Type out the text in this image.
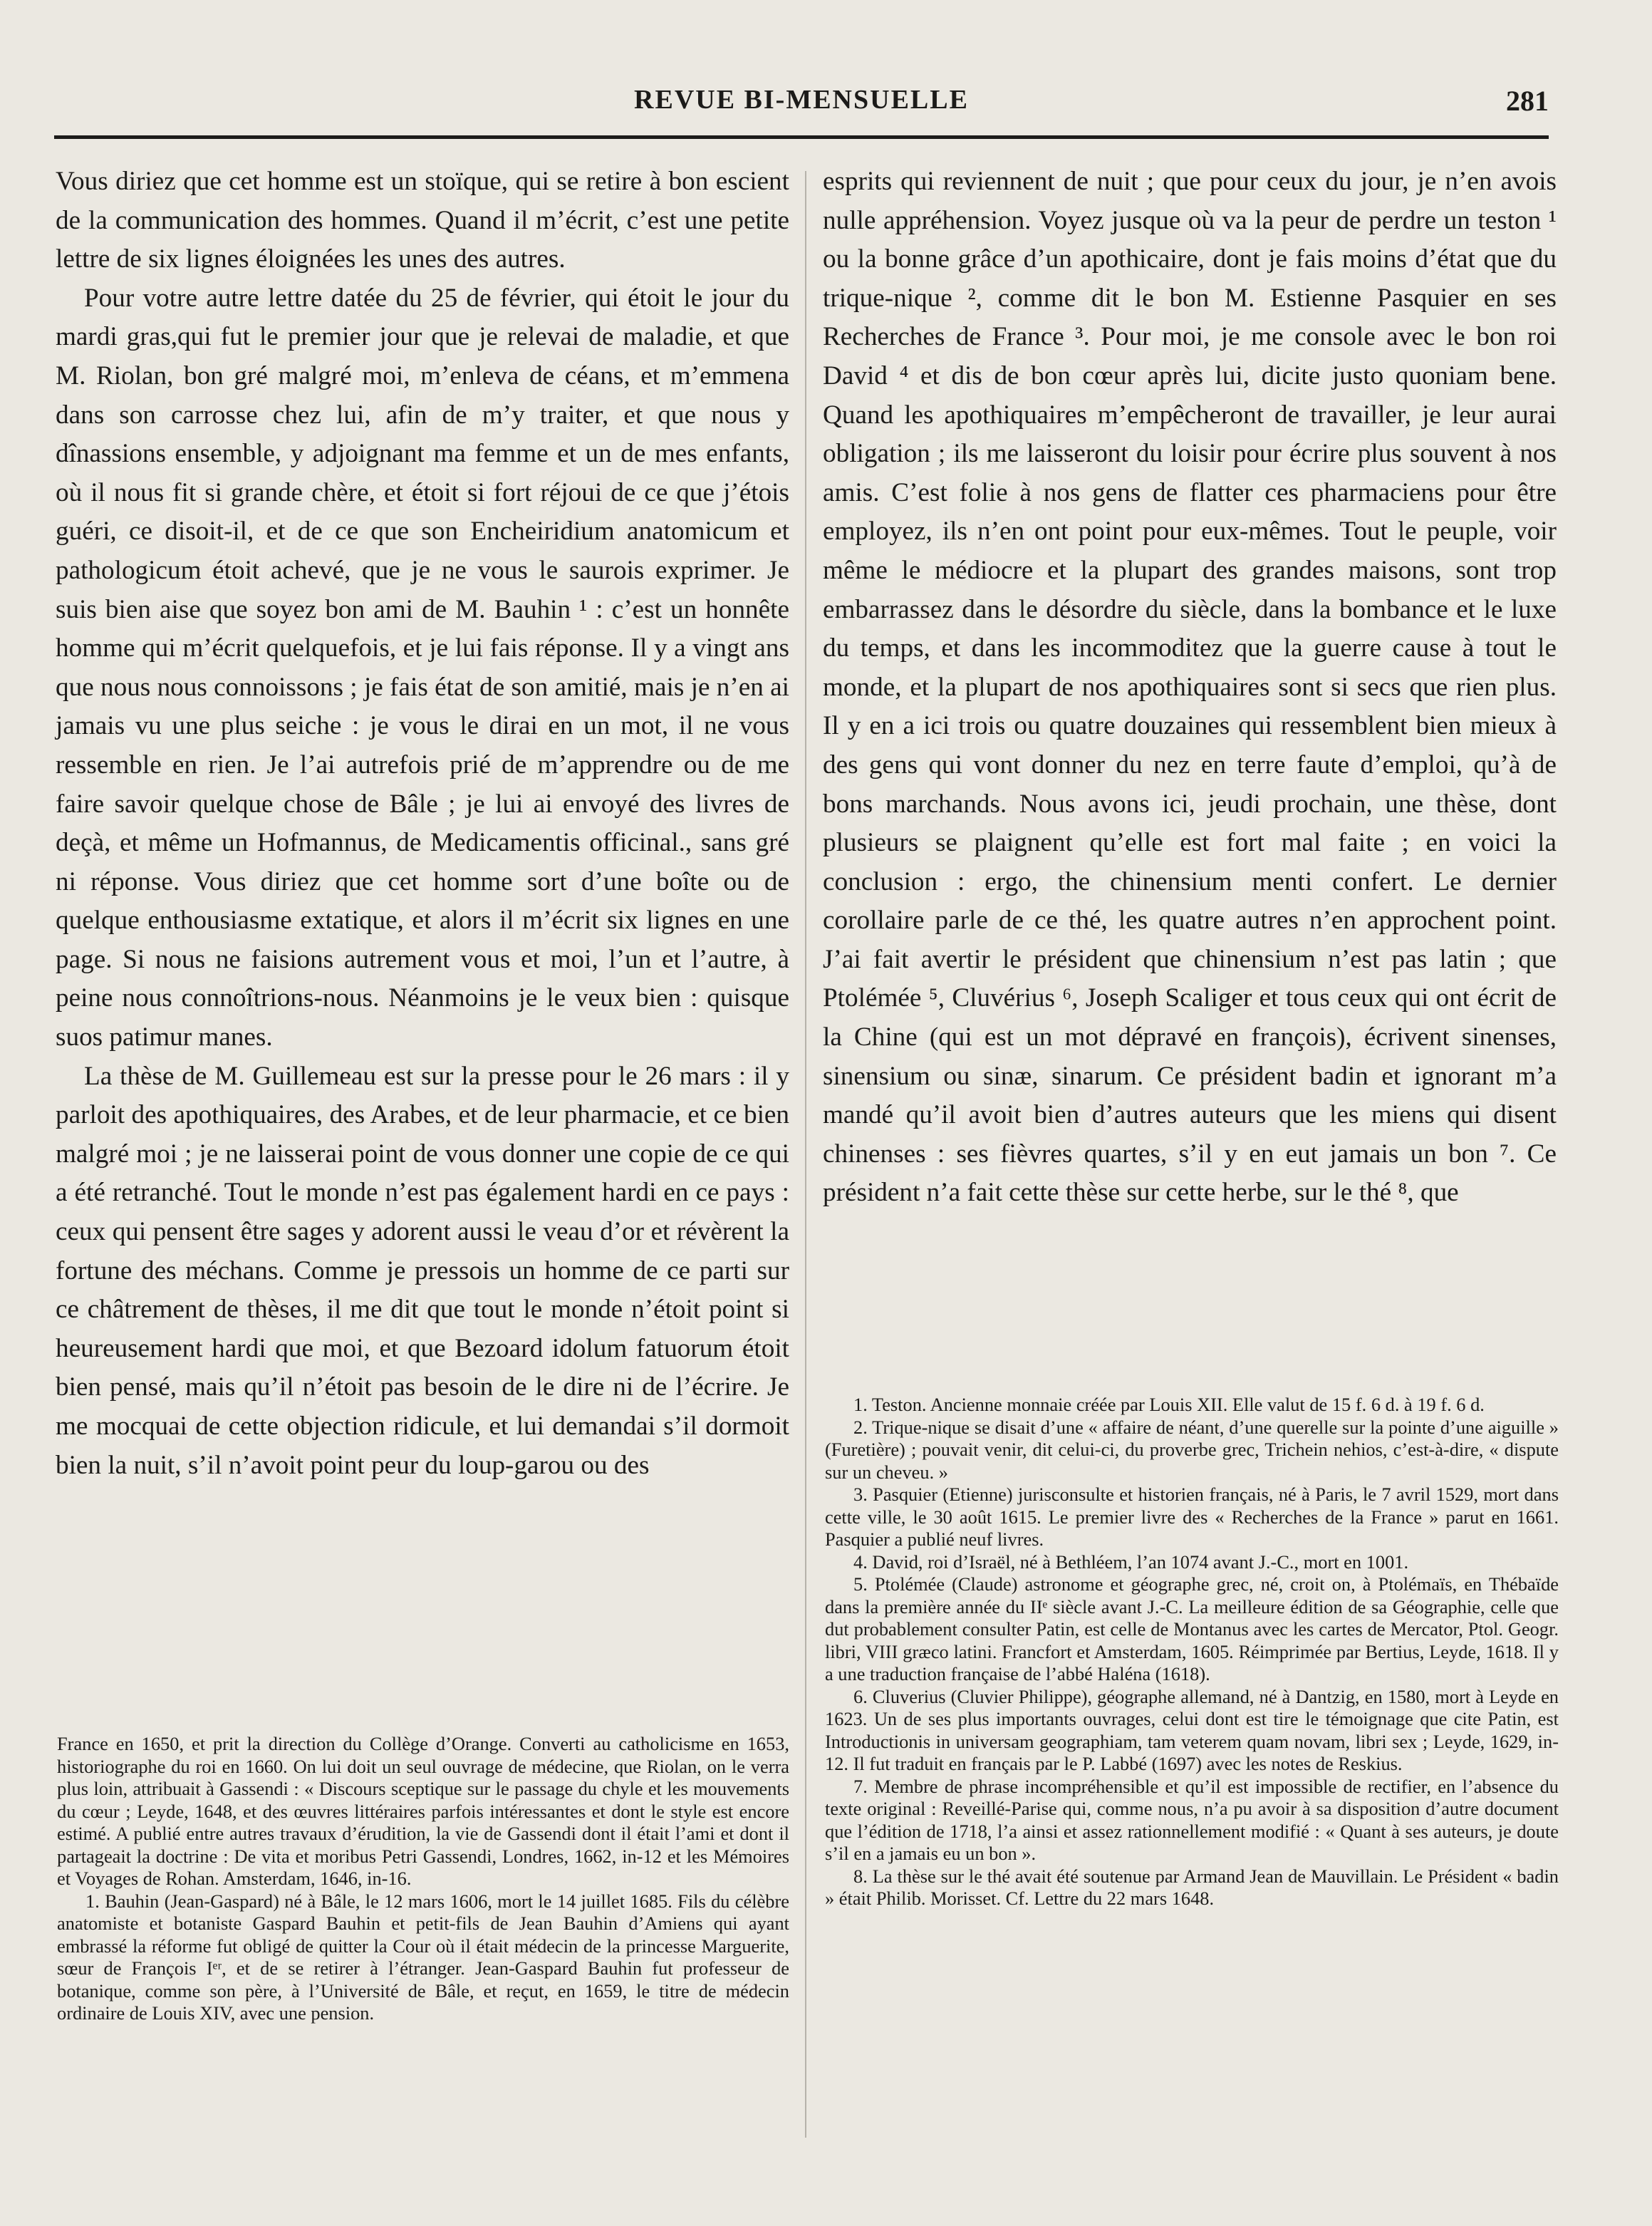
REVUE BI-MENSUELLE	281

Vous diriez que cet homme est un stoïque, qui se retire à bon escient de la communication des hommes. Quand il m’écrit, c’est une petite lettre de six lignes éloignées les unes des autres.

Pour votre autre lettre datée du 25 de février, qui étoit le jour du mardi gras,qui fut le premier jour que je relevai de maladie, et que M. Riolan, bon gré malgré moi, m’enleva de céans, et m’emmena dans son carrosse chez lui, afin de m’y traiter, et que nous y dînassions ensemble, y adjoignant ma femme et un de mes enfants, où il nous fit si grande chère, et étoit si fort réjoui de ce que j’étois guéri, ce disoit-il, et de ce que son Encheiridium anatomicum et pathologicum étoit achevé, que je ne vous le saurois exprimer. Je suis bien aise que soyez bon ami de M. Bauhin ¹ : c’est un honnête homme qui m’écrit quelquefois, et je lui fais réponse. Il y a vingt ans que nous nous connoissons ; je fais état de son amitié, mais je n’en ai jamais vu une plus seiche : je vous le dirai en un mot, il ne vous ressemble en rien. Je l’ai autrefois prié de m’apprendre ou de me faire savoir quelque chose de Bâle ; je lui ai envoyé des livres de deçà, et même un Hofmannus, de Medicamentis officinal., sans gré ni réponse. Vous diriez que cet homme sort d’une boîte ou de quelque enthousiasme extatique, et alors il m’écrit six lignes en une page. Si nous ne faisions autrement vous et moi, l’un et l’autre, à peine nous connoîtrions-nous. Néanmoins je le veux bien : quisque suos patimur manes.

La thèse de M. Guillemeau est sur la presse pour le 26 mars : il y parloit des apothiquaires, des Arabes, et de leur pharmacie, et ce bien malgré moi ; je ne laisserai point de vous donner une copie de ce qui a été retranché. Tout le monde n’est pas également hardi en ce pays : ceux qui pensent être sages y adorent aussi le veau d’or et révèrent la fortune des méchans. Comme je pressois un homme de ce parti sur ce châtrement de thèses, il me dit que tout le monde n’étoit point si heureusement hardi que moi, et que Bezoard idolum fatuorum étoit bien pensé, mais qu’il n’étoit pas besoin de le dire ni de l’écrire. Je me mocquai de cette objection ridicule, et lui demandai s’il dormoit bien la nuit, s’il n’avoit point peur du loup-garou ou des

esprits qui reviennent de nuit ; que pour ceux du jour, je n’en avois nulle appréhension. Voyez jusque où va la peur de perdre un teston ¹ ou la bonne grâce d’un apothicaire, dont je fais moins d’état que du trique-nique ², comme dit le bon M. Estienne Pasquier en ses Recherches de France ³. Pour moi, je me console avec le bon roi David ⁴ et dis de bon cœur après lui, dicite justo quoniam bene. Quand les apothiquaires m’empêcheront de travailler, je leur aurai obligation ; ils me laisseront du loisir pour écrire plus souvent à nos amis. C’est folie à nos gens de flatter ces pharmaciens pour être employez, ils n’en ont point pour eux-mêmes. Tout le peuple, voir même le médiocre et la plupart des grandes maisons, sont trop embarrassez dans le désordre du siècle, dans la bombance et le luxe du temps, et dans les incommoditez que la guerre cause à tout le monde, et la plupart de nos apothiquaires sont si secs que rien plus. Il y en a ici trois ou quatre douzaines qui ressemblent bien mieux à des gens qui vont donner du nez en terre faute d’emploi, qu’à de bons marchands. Nous avons ici, jeudi prochain, une thèse, dont plusieurs se plaignent qu’elle est fort mal faite ; en voici la conclusion : ergo, the chinensium menti confert. Le dernier corollaire parle de ce thé, les quatre autres n’en approchent point. J’ai fait avertir le président que chinensium n’est pas latin ; que Ptolémée ⁵, Cluvérius ⁶, Joseph Scaliger et tous ceux qui ont écrit de la Chine (qui est un mot dépravé en françois), écrivent sinenses, sinensium ou sinæ, sinarum. Ce président badin et ignorant m’a mandé qu’il avoit bien d’autres auteurs que les miens qui disent chinenses : ses fièvres quartes, s’il y en eut jamais un bon ⁷. Ce président n’a fait cette thèse sur cette herbe, sur le thé ⁸, que

France en 1650, et prit la direction du Collège d’Orange. Converti au catholicisme en 1653, historiographe du roi en 1660. On lui doit un seul ouvrage de médecine, que Riolan, on le verra plus loin, attribuait à Gassendi : « Discours sceptique sur le passage du chyle et les mouvements du cœur ; Leyde, 1648, et des œuvres littéraires parfois intéressantes et dont le style est encore estimé. A publié entre autres travaux d’érudition, la vie de Gassendi dont il était l’ami et dont il partageait la doctrine : De vita et moribus Petri Gassendi, Londres, 1662, in-12 et les Mémoires et Voyages de Rohan. Amsterdam, 1646, in-16.

1. Bauhin (Jean-Gaspard) né à Bâle, le 12 mars 1606, mort le 14 juillet 1685. Fils du célèbre anatomiste et botaniste Gaspard Bauhin et petit-fils de Jean Bauhin d’Amiens qui ayant embrassé la réforme fut obligé de quitter la Cour où il était médecin de la princesse Marguerite, sœur de François Iᵉʳ, et de se retirer à l’étranger. Jean-Gaspard Bauhin fut professeur de botanique, comme son père, à l’Université de Bâle, et reçut, en 1659, le titre de médecin ordinaire de Louis XIV, avec une pension.

1. Teston. Ancienne monnaie créée par Louis XII. Elle valut de 15 f. 6 d. à 19 f. 6 d.

2. Trique-nique se disait d’une « affaire de néant, d’une querelle sur la pointe d’une aiguille » (Furetière) ; pouvait venir, dit celui-ci, du proverbe grec, Trichein nehios, c’est-à-dire, « dispute sur un cheveu. »

3. Pasquier (Etienne) jurisconsulte et historien français, né à Paris, le 7 avril 1529, mort dans cette ville, le 30 août 1615. Le premier livre des « Recherches de la France » parut en 1661. Pasquier a publié neuf livres.

4. David, roi d’Israël, né à Bethléem, l’an 1074 avant J.-C., mort en 1001.

5. Ptolémée (Claude) astronome et géographe grec, né, croit on, à Ptolémaïs, en Thébaïde dans la première année du IIᵉ siècle avant J.-C. La meilleure édition de sa Géographie, celle que dut probablement consulter Patin, est celle de Montanus avec les cartes de Mercator, Ptol. Geogr. libri, VIII græco latini. Francfort et Amsterdam, 1605. Réimprimée par Bertius, Leyde, 1618. Il y a une traduction française de l’abbé Haléna (1618).

6. Cluverius (Cluvier Philippe), géographe allemand, né à Dantzig, en 1580, mort à Leyde en 1623. Un de ses plus importants ouvrages, celui dont est tire le témoignage que cite Patin, est Introductionis in universam geographiam, tam veterem quam novam, libri sex ; Leyde, 1629, in-12. Il fut traduit en français par le P. Labbé (1697) avec les notes de Reskius.

7. Membre de phrase incompréhensible et qu’il est impossible de rectifier, en l’absence du texte original : Reveillé-Parise qui, comme nous, n’a pu avoir à sa disposition d’autre document que l’édition de 1718, l’a ainsi et assez rationnellement modifié : « Quant à ses auteurs, je doute s’il en a jamais eu un bon ».

8. La thèse sur le thé avait été soutenue par Armand Jean de Mauvillain. Le Président « badin » était Philib. Morisset. Cf. Lettre du 22 mars 1648.
